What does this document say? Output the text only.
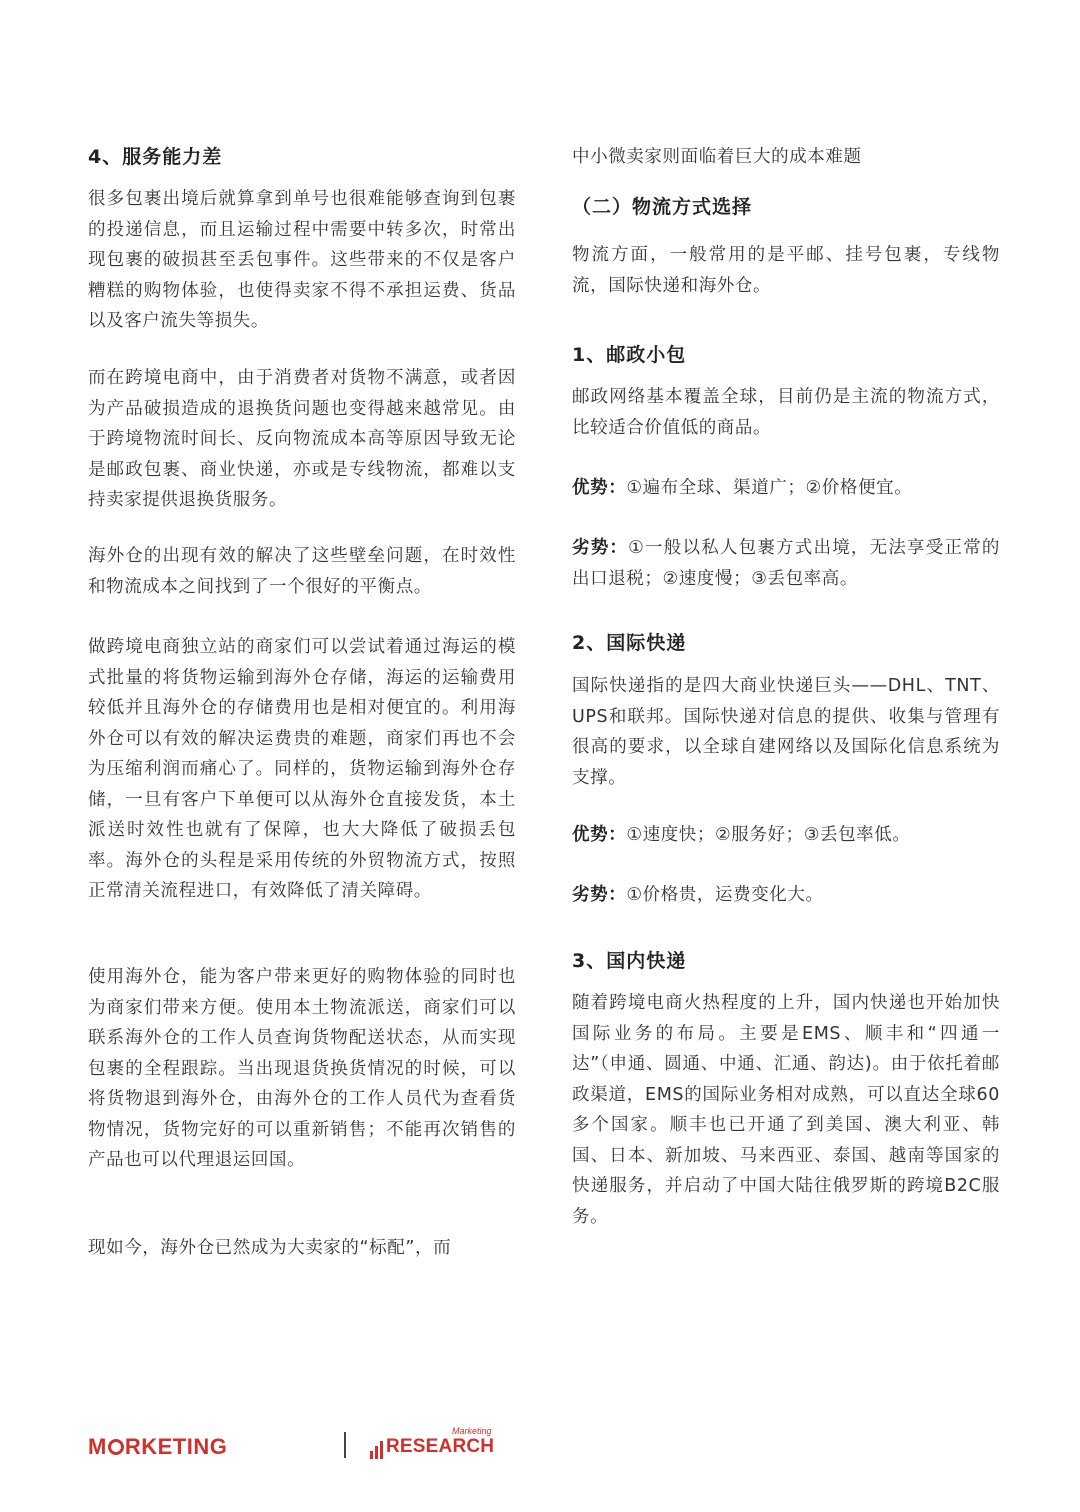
4、服务能力差

很多包裹出境后就算拿到单号也很难能够查询到包裹的投递信息，而且运输过程中需要中转多次，时常出现包裹的破损甚至丢包事件。这些带来的不仅是客户糟糕的购物体验，也使得卖家不得不承担运费、货品以及客户流失等损失。

而在跨境电商中，由于消费者对货物不满意，或者因为产品破损造成的退换货问题也变得越来越常见。由于跨境物流时间长、反向物流成本高等原因导致无论是邮政包裹、商业快递，亦或是专线物流，都难以支持卖家提供退换货服务。

海外仓的出现有效的解决了这些壁垒问题，在时效性和物流成本之间找到了一个很好的平衡点。

做跨境电商独立站的商家们可以尝试着通过海运的模式批量的将货物运输到海外仓存储，海运的运输费用较低并且海外仓的存储费用也是相对便宜的。利用海外仓可以有效的解决运费贵的难题，商家们再也不会为压缩利润而痛心了。同样的，货物运输到海外仓存储，一旦有客户下单便可以从海外仓直接发货，本土派送时效性也就有了保障，也大大降低了破损丢包率。海外仓的头程是采用传统的外贸物流方式，按照正常清关流程进口，有效降低了清关障碍。

使用海外仓，能为客户带来更好的购物体验的同时也为商家们带来方便。使用本土物流派送，商家们可以联系海外仓的工作人员查询货物配送状态，从而实现包裹的全程跟踪。当出现退货换货情况的时候，可以将货物退到海外仓，由海外仓的工作人员代为查看货物情况，货物完好的可以重新销售；不能再次销售的产品也可以代理退运回国。

现如今，海外仓已然成为大卖家的“标配”，而

中小微卖家则面临着巨大的成本难题

（二）物流方式选择

物流方面，一般常用的是平邮、挂号包裹，专线物流，国际快递和海外仓。

1、邮政小包

邮政网络基本覆盖全球，目前仍是主流的物流方式，比较适合价值低的商品。

优势：①遍布全球、渠道广；②价格便宜。

劣势：①一般以私人包裹方式出境，无法享受正常的出口退税；②速度慢；③丢包率高。

2、国际快递

国际快递指的是四大商业快递巨头——DHL、TNT、UPS和联邦。国际快递对信息的提供、收集与管理有很高的要求，以全球自建网络以及国际化信息系统为支撑。

优势：①速度快；②服务好；③丢包率低。

劣势：①价格贵，运费变化大。

3、国内快递

随着跨境电商火热程度的上升，国内快递也开始加快国际业务的布局。主要是EMS、顺丰和“四通一达”（申通、圆通、中通、汇通、韵达)。由于依托着邮政渠道，EMS的国际业务相对成熟，可以直达全球60多个国家。顺丰也已开通了到美国、澳大利亚、韩国、日本、新加坡、马来西亚、泰国、越南等国家的快递服务，并启动了中国大陆往俄罗斯的跨境B2C服务。

M RKETING	RESEARCH
Marketing
